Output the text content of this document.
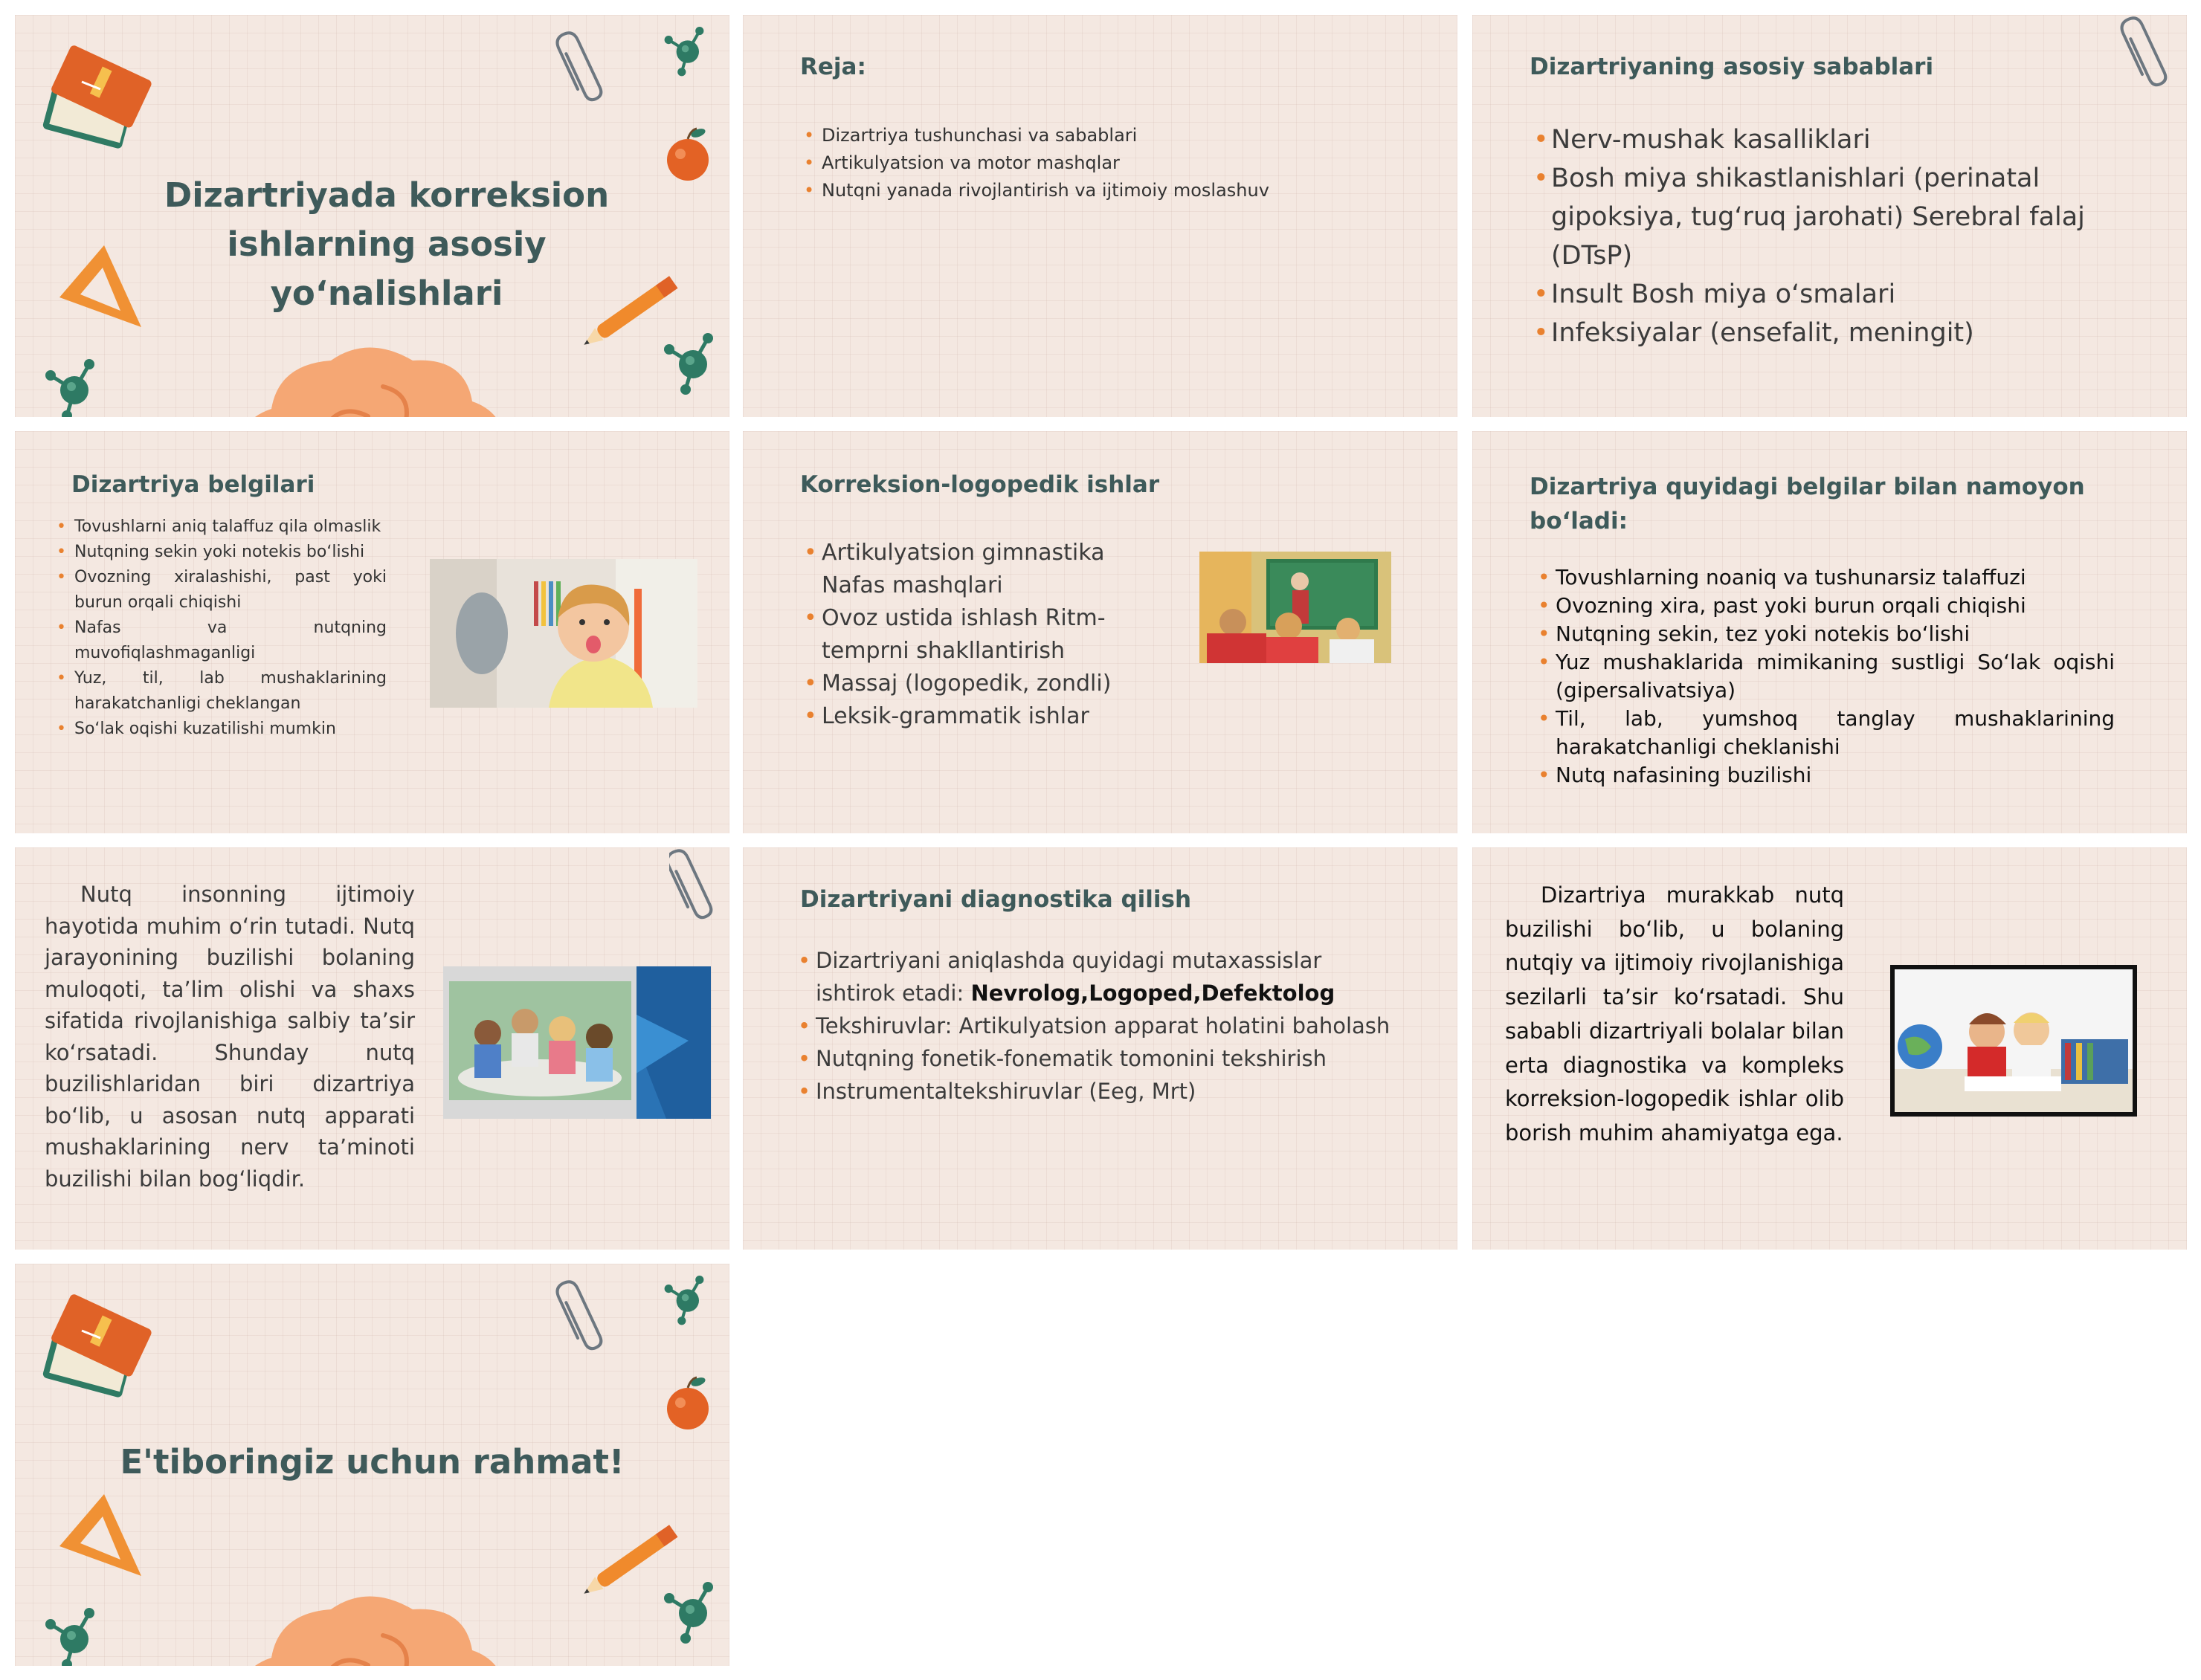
Dizartriyada korreksion
ishlarning asosiy
yoʻnalishlari
Reja:
• Dizartriya tushunchasi va sabablari
• Artikulyatsion va motor mashqlar
• Nutqni yanada rivojlantirish va ijtimoiy moslashuv
Dizartriyaning asosiy sabablari
• Nerv-mushak kasalliklari
• Bosh miya shikastlanishlari (perinatal gipoksiya, tugʻruq jarohati) Serebral falaj (DTsP)
• Insult Bosh miya oʻsmalari
• Infeksiyalar (ensefalit, meningit)
Dizartriya belgilari
• Tovushlarni aniq talaffuz qila olmaslik
• Nutqning sekin yoki notekis boʻlishi
• Ovozning xiralashishi, past yoki burun orqali chiqishi
• Nafas va nutqning muvofiqlashmaganligi
• Yuz, til, lab mushaklarining harakatchanligi cheklangan
• Soʻlak oqishi kuzatilishi mumkin
Korreksion-logopedik ishlar
• Artikulyatsion gimnastika Nafas mashqlari
• Ovoz ustida ishlash Ritm-temprni shakllantirish
• Massaj (logopedik, zondli)
• Leksik-grammatik ishlar
Dizartriya quyidagi belgilar bilan namoyon boʻladi:
• Tovushlarning noaniq va tushunarsiz talaffuzi
• Ovozning xira, past yoki burun orqali chiqishi
• Nutqning sekin, tez yoki notekis boʻlishi
• Yuz mushaklarida mimikaning sustligi Soʻlak oqishi (gipersalivatsiya)
• Til, lab, yumshoq tanglay mushaklarining harakatchanligi cheklanishi
• Nutq nafasining buzilishi
Nutq insonning ijtimoiy hayotida muhim oʻrin tutadi. Nutq jarayonining buzilishi bolaning muloqoti, taʼlim olishi va shaxs sifatida rivojlanishiga salbiy taʼsir koʻrsatadi. Shunday nutq buzilishlaridan biri dizartriya boʻlib, u asosan nutq apparati mushaklarining nerv taʼminoti buzilishi bilan bogʻliqdir.
Dizartriyani diagnostika qilish
• Dizartriyani aniqlashda quyidagi mutaxassislar ishtirok etadi: Nevrolog,Logoped,Defektolog
• Tekshiruvlar: Artikulyatsion apparat holatini baholash
• Nutqning fonetik-fonematik tomonini tekshirish
• Instrumentaltekshiruvlar (Eeg, Mrt)
Dizartriya murakkab nutq buzilishi boʻlib, u bolaning nutqiy va ijtimoiy rivojlanishiga sezilarli taʼsir koʻrsatadi. Shu sababli dizartriyali bolalar bilan erta diagnostika va kompleks korreksion-logopedik ishlar olib borish muhim ahamiyatga ega.
E'tiboringiz uchun rahmat!
